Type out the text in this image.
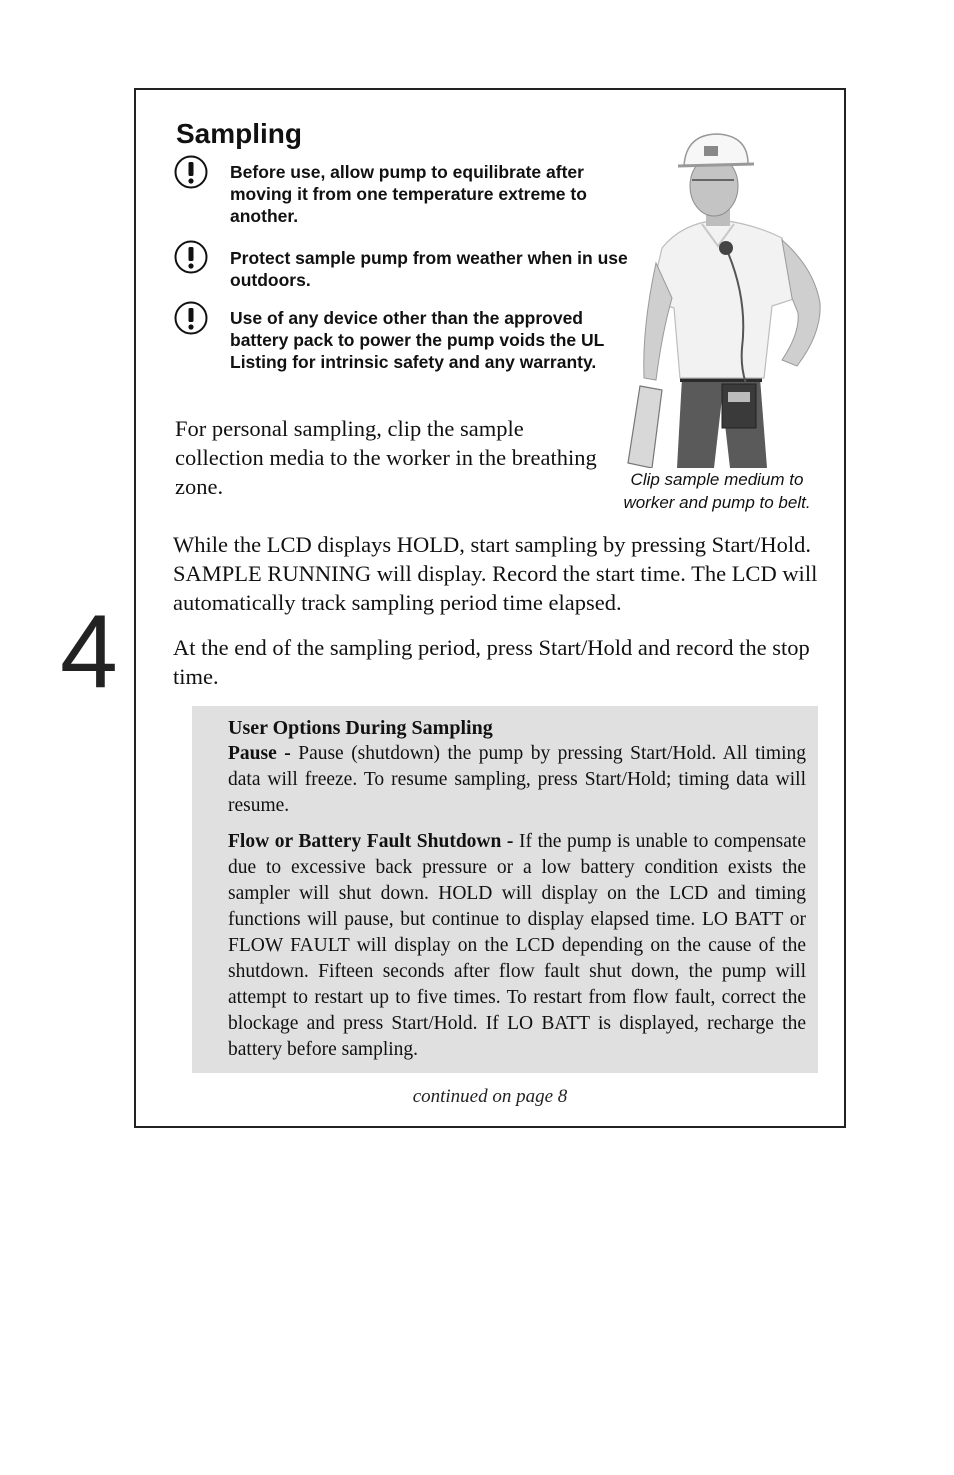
4
Sampling
Before use, allow pump to equilibrate after moving it from one temperature extreme to another.
Protect sample pump from weather when in use outdoors.
Use of any device other than the approved battery pack to power the pump voids the UL Listing for intrinsic safety and any warranty.
Clip sample medium to worker and pump to belt.

For personal sampling, clip the sample collection media to the worker in the breathing zone.

While the LCD displays HOLD, start sampling by pressing Start/Hold. SAMPLE RUNNING will display. Record the start time. The LCD will automatically track sampling period time elapsed.

At the end of the sampling period, press Start/Hold and record the stop time.

User Options During Sampling

Pause - Pause (shutdown) the pump by pressing Start/Hold. All timing data will freeze. To resume sampling, press Start/Hold; timing data will resume.

Flow or Battery Fault Shutdown - If the pump is unable to compensate due to excessive back pressure or a low battery condition exists the sampler will shut down. HOLD will display on the LCD and timing functions will pause, but continue to display elapsed time. LO BATT or FLOW FAULT will display on the LCD depending on the cause of the shutdown. Fifteen seconds after flow fault shut down, the pump will attempt to restart up to five times. To restart from flow fault, correct the blockage and press Start/Hold. If LO BATT is displayed, recharge the battery before sampling.

continued on page 8
